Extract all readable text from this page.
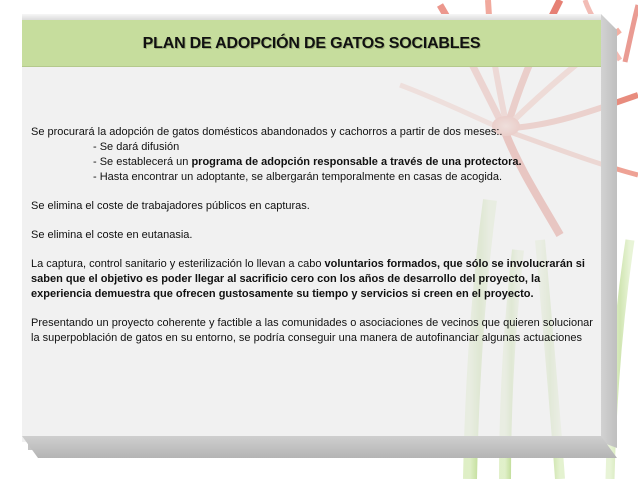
PLAN DE ADOPCIÓN DE GATOS SOCIABLES

Se procurará la adopción de gatos domésticos abandonados y cachorros a partir de dos meses:.
- Se dará difusión
- Se establecerá un programa de adopción responsable a través de una protectora.
- Hasta encontrar un adoptante, se albergarán temporalmente en casas de acogida.

Se elimina el coste de trabajadores públicos en capturas.

Se elimina el coste en eutanasia.

La captura, control sanitario y esterilización lo llevan a cabo voluntarios formados, que sólo se involucrarán si saben que el objetivo es poder llegar al sacrificio cero con los años de desarrollo del proyecto, la experiencia demuestra que ofrecen gustosamente su tiempo y servicios si creen en el proyecto.

Presentando un proyecto coherente y factible a las comunidades o asociaciones de vecinos que quieren solucionar la superpoblación de gatos en su entorno, se podría conseguir una manera de autofinanciar algunas actuaciones
